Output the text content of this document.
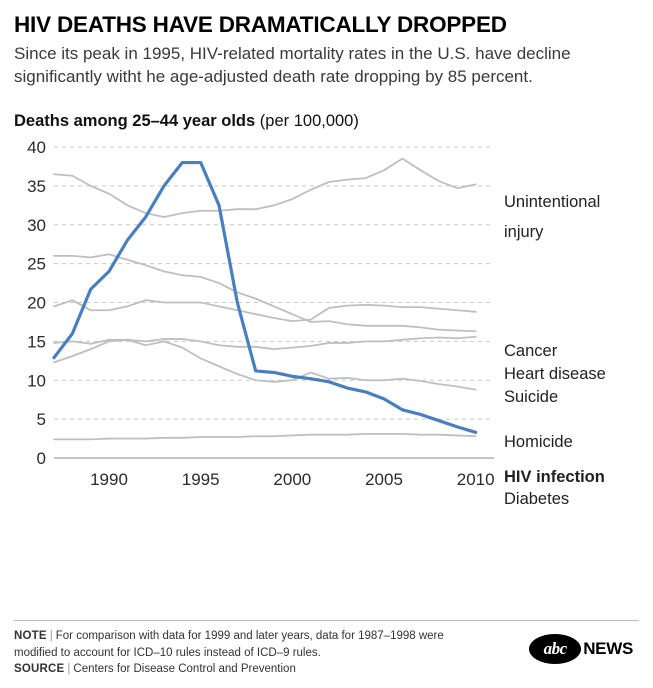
HIV DEATHS HAVE DRAMATICALLY DROPPED

Since its peak in 1995, HIV-related mortality rates in the U.S. have decline significantly witht he age-adjusted death rate dropping by 85 percent.

Deaths among 25–44 year olds (per 100,000)
0
5
10
15
20
25
30
35
40
1990	1995	2000	2005	2010
Unintentional
injury
HIV infection
Cancer
Heart disease
Suicide
Homicide
Diabetes
NOTE | For comparison with data for 1999 and later years, data for 1987–1998 were modified to account for ICD–10 rules instead of ICD–9 rules.
SOURCE | Centers for Disease Control and Prevention
abc NEWS
